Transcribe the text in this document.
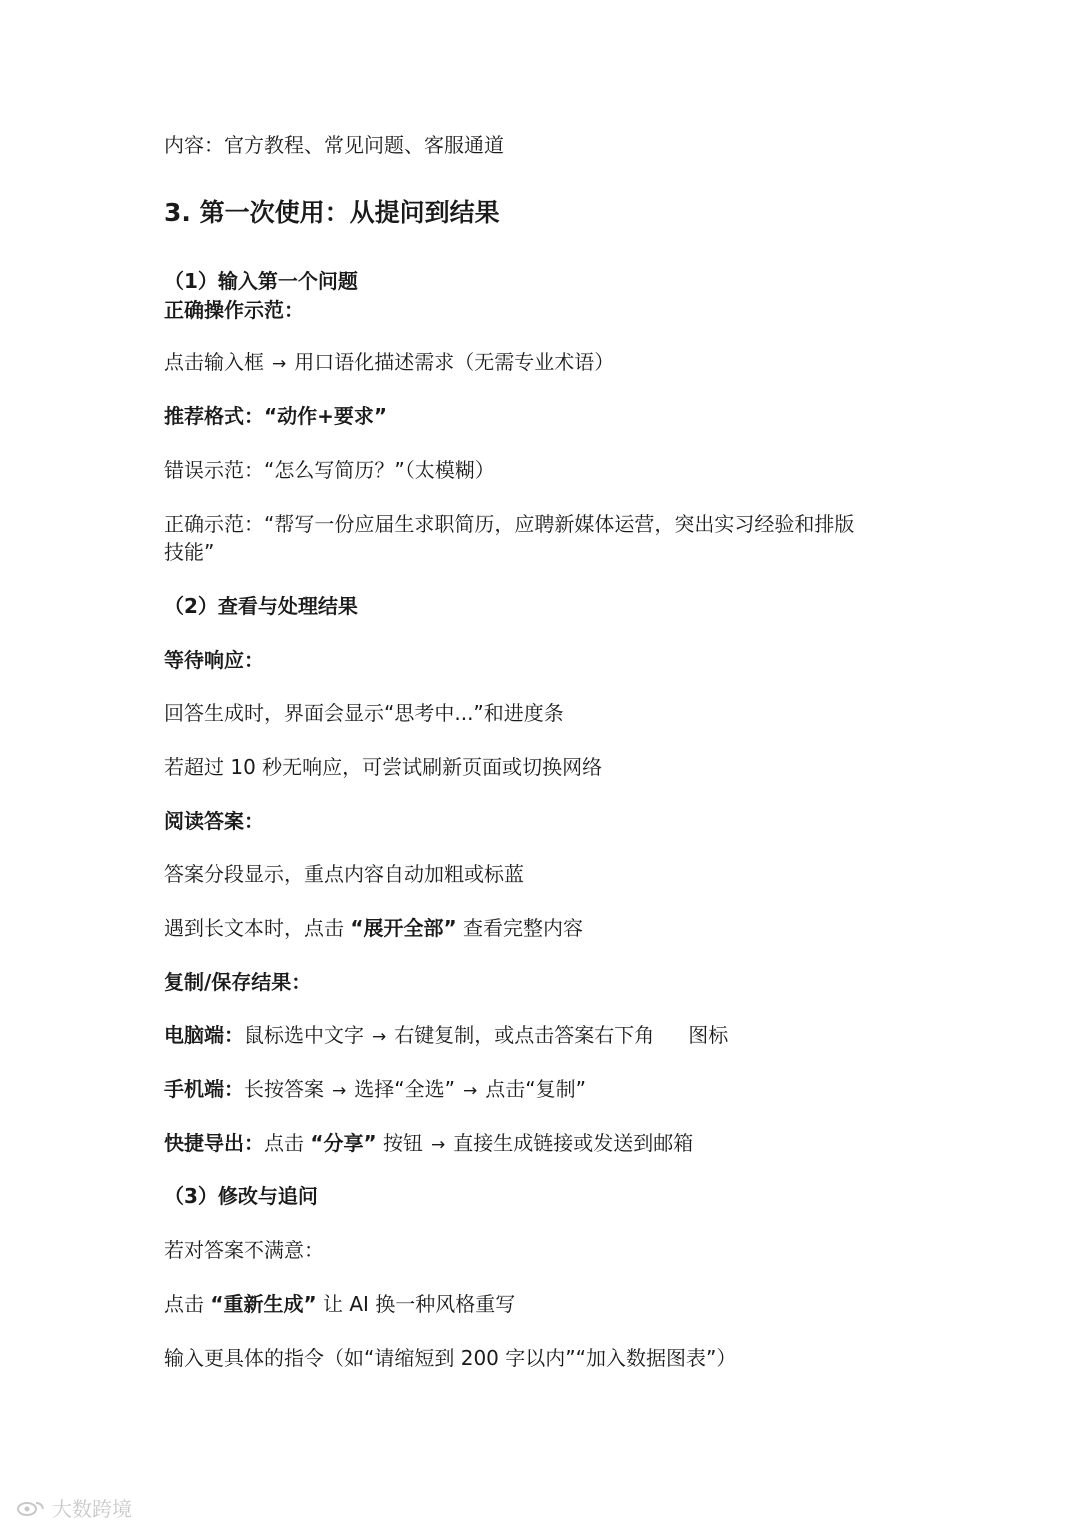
内容：官方教程、常见问题、客服通道
3. 第一次使用：从提问到结果
（1）输入第一个问题
正确操作示范：
点击输入框 → 用口语化描述需求（无需专业术语）
推荐格式：“动作+要求”
错误示范：“怎么写简历？”（太模糊）
正确示范：“帮写一份应届生求职简历，应聘新媒体运营，突出实习经验和排版
技能”
（2）查看与处理结果
等待响应：
回答生成时，界面会显示“思考中...”和进度条
若超过 10 秒无响应，可尝试刷新页面或切换网络
阅读答案：
答案分段显示，重点内容自动加粗或标蓝
遇到长文本时，点击 “展开全部” 查看完整内容
复制/保存结果：
电脑端：鼠标选中文字 → 右键复制，或点击答案右下角 图标
手机端：长按答案 → 选择“全选” → 点击“复制”
快捷导出：点击 “分享” 按钮 → 直接生成链接或发送到邮箱
（3）修改与追问
若对答案不满意：
点击 “重新生成” 让 AI 换一种风格重写
输入更具体的指令（如“请缩短到 200 字以内”“加入数据图表”）
大数跨境
